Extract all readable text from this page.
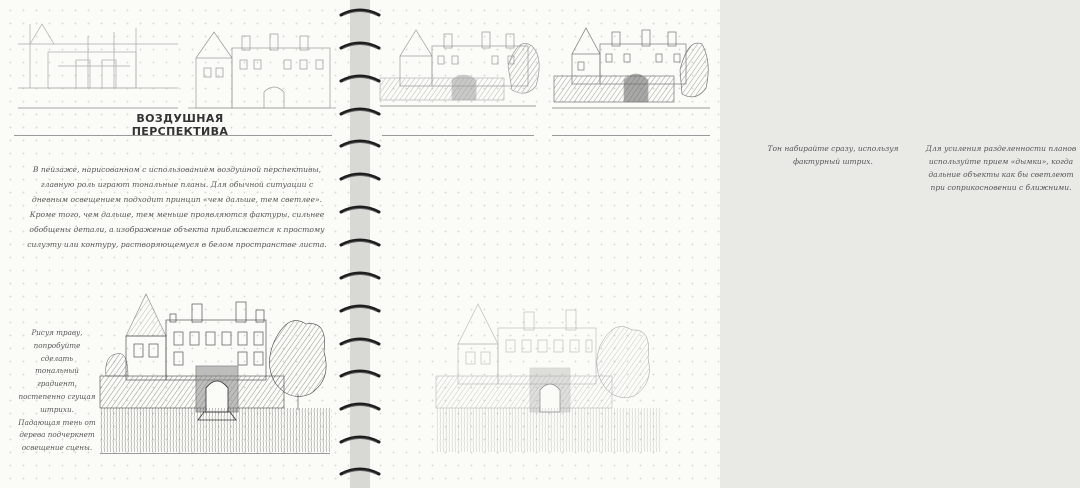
ВОЗДУШНАЯ ПЕРСПЕКТИВА
В пейзаже, нарисованном с использованием воздушной перспективы, главную роль играют тональные планы. Для обычной ситуации с дневным освещением подходит принцип «чем дальше, тем светлее». Кроме того, чем дальше, тем меньше проявляются фактуры, сильнее обобщены детали, а изображение объекта приближается к простому силуэту или контуру, растворяющемуся в белом пространстве листа.
Рисуя траву, попробуйте сделать тональный градиент, постепенно сгущая штрихи. Падающая тень от дерева подчеркнет освещение сцены.
Тон набирайте сразу, используя фактурный штрих.
Для усиления разделенности планов используйте прием «дымки», когда дальние объекты как бы светлеют при соприкосновении с ближними.
